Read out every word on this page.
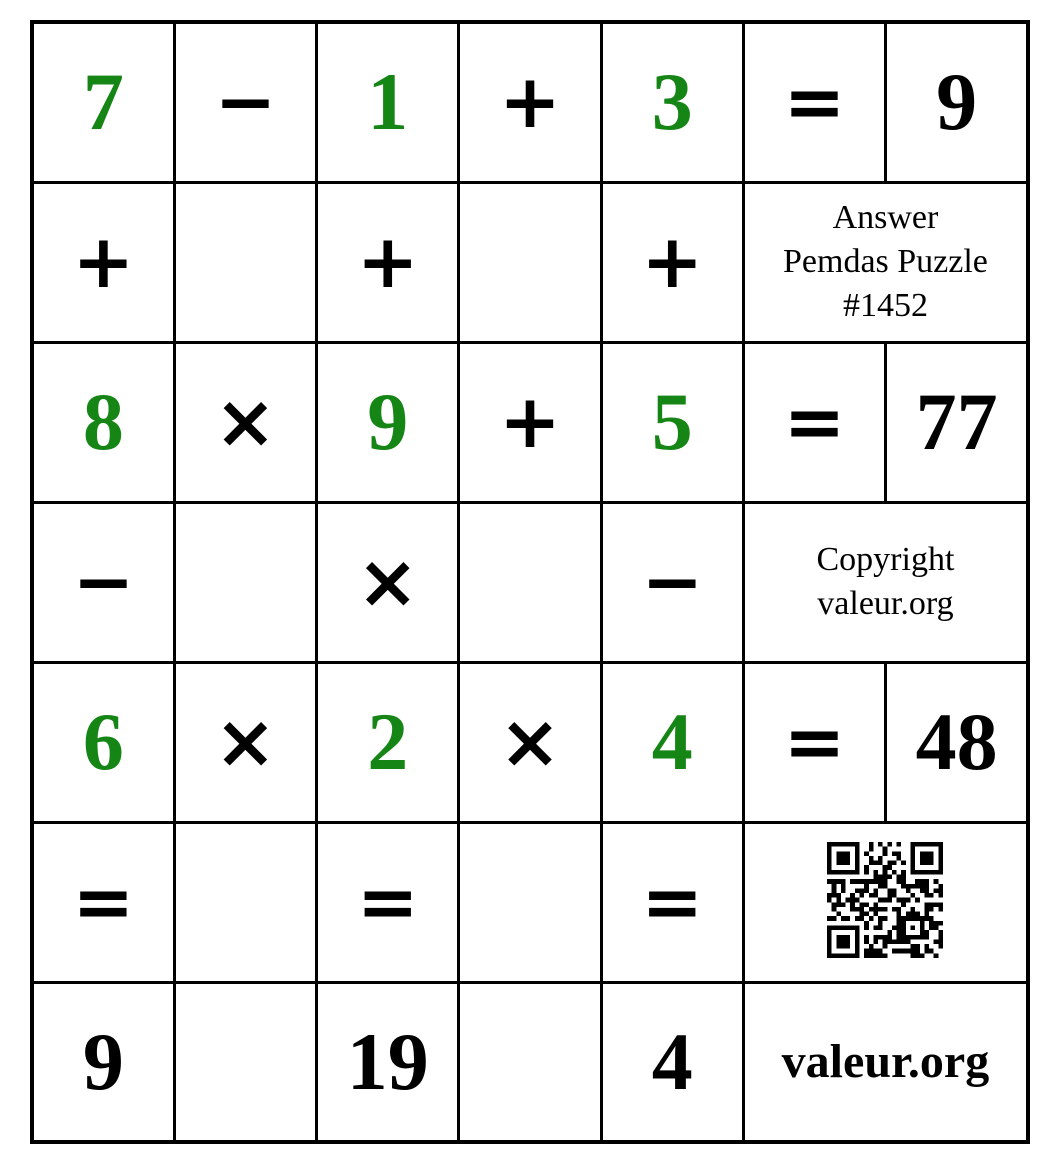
7	−	1	+	3	=	9
+		+		+	Answer
Pemdas Puzzle
#1452	

8	×	9	+	5	=	77
−		×		−	Copyright
valeur.org	

6	×	2	×	4	=	48
=		=		=	

9		19		4	valeur.org	
